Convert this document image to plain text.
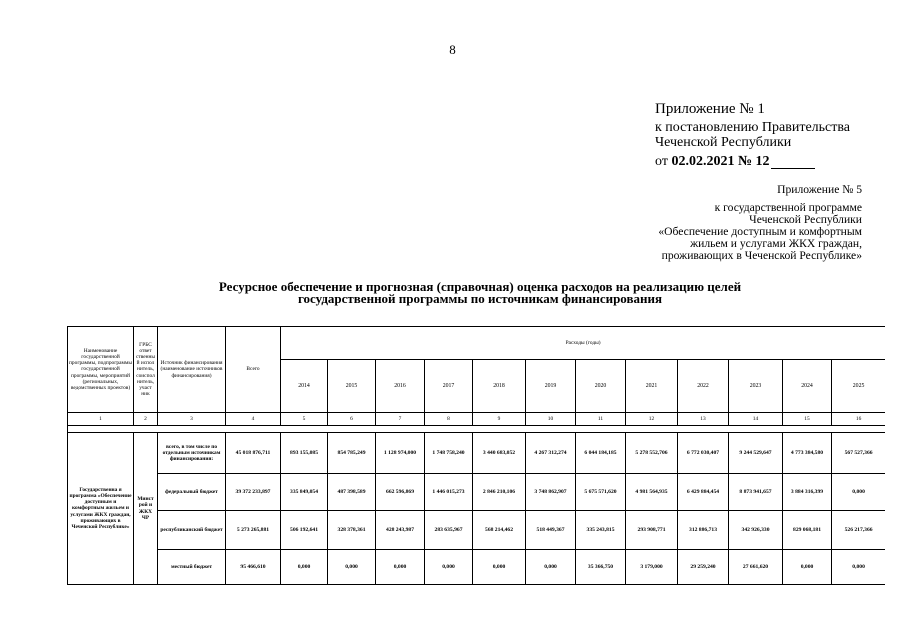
8
Приложение № 1
к постановлению Правительства
Чеченской Республики
от 02.02.2021 № 12
Приложение № 5
к государственной программе
Чеченской Республики
«Обеспечение доступным и комфортным
жильем и услугами ЖКХ граждан,
проживающих в Чеченской Республике»
Ресурсное обеспечение и прогнозная (справочная) оценка расходов на реализацию целей
государственной программы по источникам финансирования
Наименование государственной программы, подпрограммы государственной программы, мероприятий (региональных, ведомственных проектов)	ГРБС ответ ственный испол нитель, соиспол нитель, участ ник	Источник финансирования (наименование источников финансирования)	Всего	Расходы (годы)											
				2014	2015	2016	2017	2018	2019	2020	2021	2022	2023	2024	2025
1	2	3	4	5	6	7	8	9	10	11	12	13	14	15	16

Государственна я программа «Обеспечение доступным и комфортным жильем и услугами ЖКХ граждан, проживающих в Чеченской Республике»	Минст рой и ЖКХ ЧР	всего, в том числе по отдельным источникам финансирования:	45 018 876,711	893 155,085	854 785,249	1 128 974,000	1 748 758,240	3 440 683,052	4 267 312,274	6 044 184,185	5 278 552,706	6 772 030,407	9 244 529,647	4 773 384,580	567 527,366
		федеральный бюджет	39 372 233,897	335 849,054	487 398,589	662 596,869	1 446 015,273	2 846 210,106	3 748 862,907	5 675 571,620	4 981 564,935	6 429 884,454	8 873 941,657	3 884 316,399	0,000
		республиканский бюджет	5 273 265,881	506 192,641	328 378,361	428 243,987	283 635,967	568 214,462	518 449,367	335 243,815	293 908,771	312 886,713	342 926,330	829 068,181	526 217,366
		местный бюджет	95 466,610	0,000	0,000	0,000	0,000	0,000	0,000	35 366,750	3 179,000	29 259,240	27 661,620	0,000	0,000
